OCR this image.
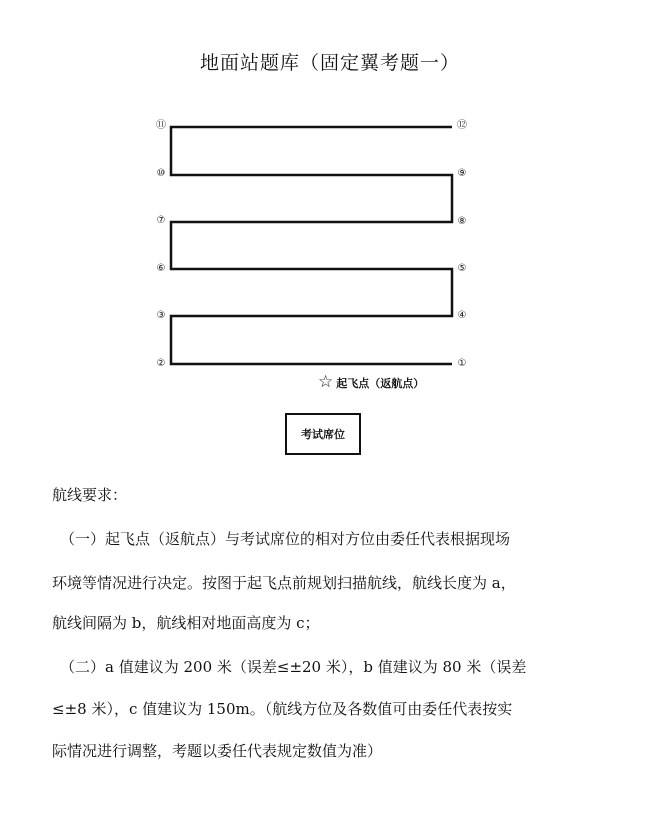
地面站题库（固定翼考题一）
⑪	⑫
⑩	⑨
⑦	⑧
⑥	⑤
③	④
②	①
☆ 起飞点（返航点）
考试席位
航线要求：
（一）起飞点（返航点）与考试席位的相对方位由委任代表根据现场
环境等情况进行决定。按图于起飞点前规划扫描航线，航线长度为 a，
航线间隔为 b，航线相对地面高度为 c；
（二）a 值建议为 200 米（误差≤±20 米），b 值建议为 80 米（误差
≤±8 米），c 值建议为 150m。（航线方位及各数值可由委任代表按实
际情况进行调整，考题以委任代表规定数值为准）
